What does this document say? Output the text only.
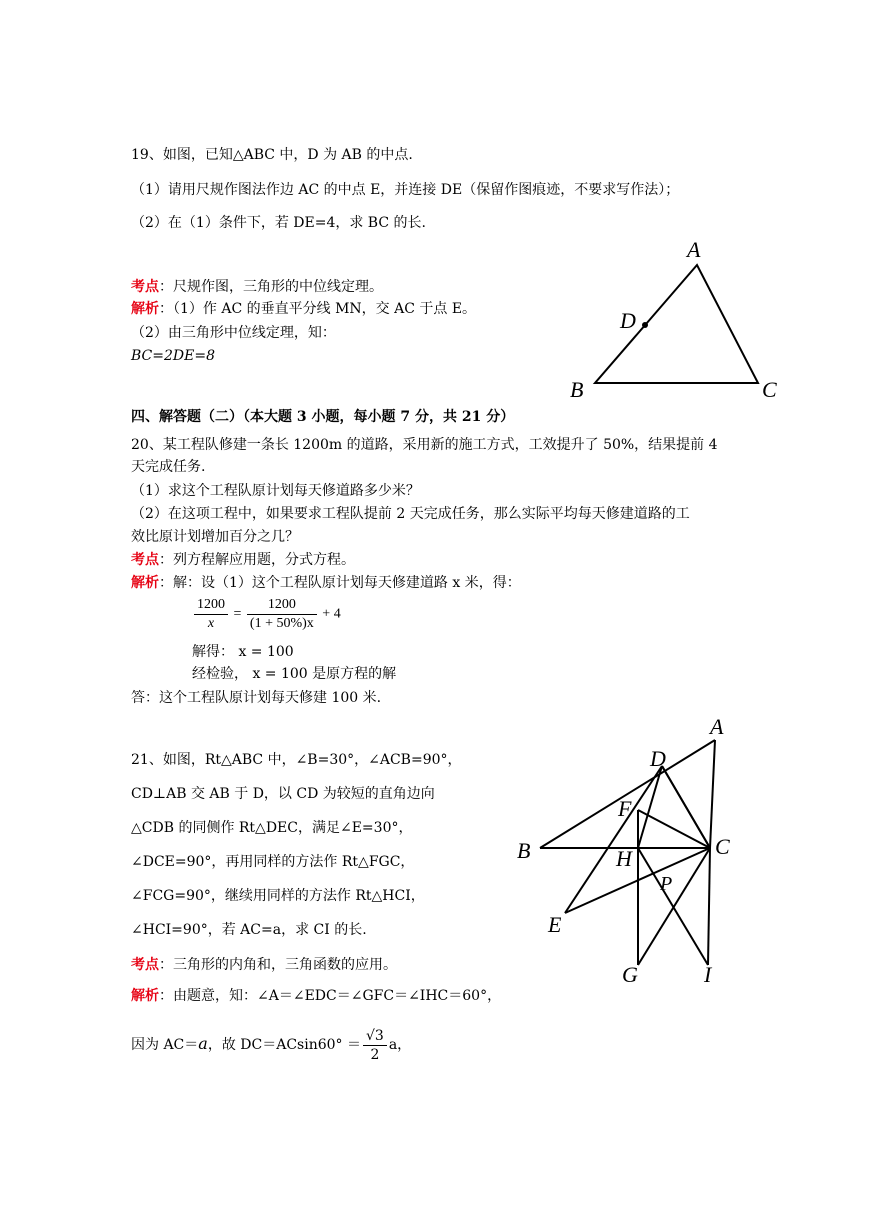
19、如图，已知△ABC 中，D 为 AB 的中点.
（1）请用尺规作图法作边 AC 的中点 E，并连接 DE（保留作图痕迹，不要求写作法）；
（2）在（1）条件下，若 DE=4，求 BC 的长.
考点：尺规作图，三角形的中位线定理。
解析：（1）作 AC 的垂直平分线 MN，交 AC 于点 E。
（2）由三角形中位线定理，知：
BC=2DE=8
A
B	C
D
四、解答题（二）（本大题 3 小题，每小题 7 分，共 21 分）
20、某工程队修建一条长 1200m 的道路，采用新的施工方式，工效提升了 50%，结果提前 4
天完成任务.
（1）求这个工程队原计划每天修道路多少米？
（2）在这项工程中，如果要求工程队提前 2 天完成任务，那么实际平均每天修建道路的工
效比原计划增加百分之几？
考点：列方程解应用题，分式方程。
解析：解：设（1）这个工程队原计划每天修建道路 x 米，得：
$\frac{1200}{x} = \frac{1200}{(1 + 50\%)x} + 4$
解得： x = 100
经检验， x = 100 是原方程的解
答：这个工程队原计划每天修建 100 米.
21、如图，Rt△ABC 中，∠B=30°，∠ACB=90°，
CD⊥AB 交 AB 于 D，以 CD 为较短的直角边向
△CDB 的同侧作 Rt△DEC，满足∠E=30°，
∠DCE=90°，再用同样的方法作 Rt△FGC，
∠FCG=90°，继续用同样的方法作 Rt△HCI，
∠HCI=90°，若 AC=a，求 CI 的长.
考点：三角形的内角和，三角函数的应用。
解析：由题意，知：∠A＝∠EDC＝∠GFC＝∠IHC＝60°，
因为 AC＝a，故 $DC=ACsin60^\circ = \frac{√3}{2}$ a，
A
B	C
D
E
F
G
H
I
P
